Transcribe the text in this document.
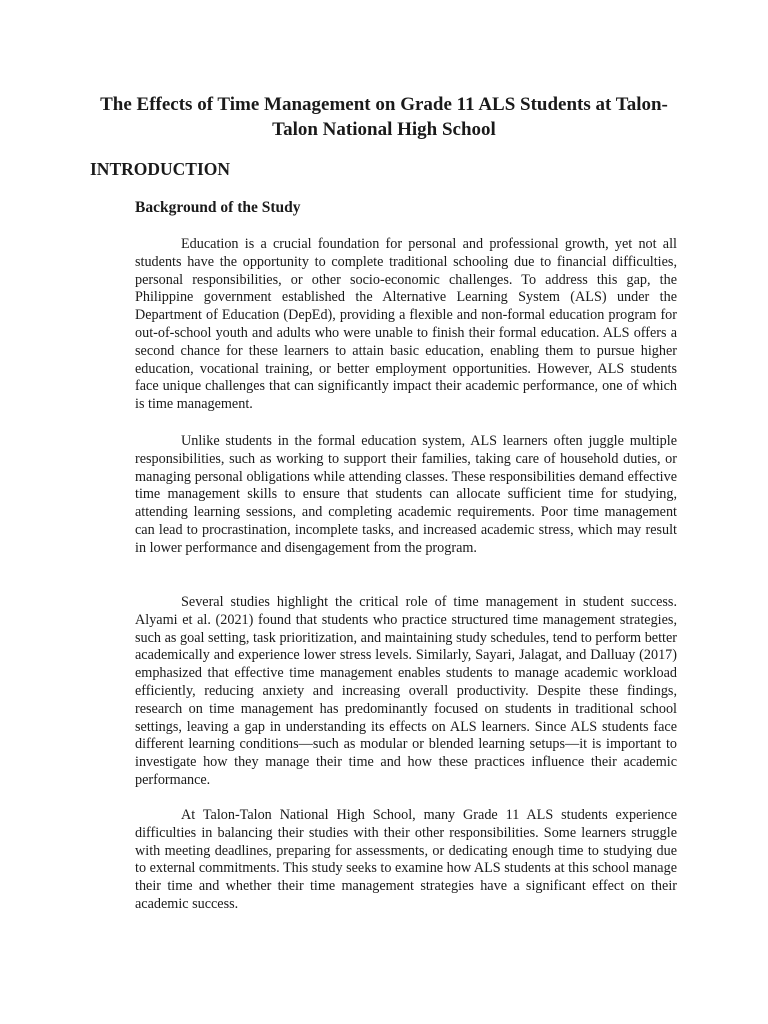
The Effects of Time Management on Grade 11 ALS Students at Talon-Talon National High School
INTRODUCTION
Background of the Study

Education is a crucial foundation for personal and professional growth, yet not all students have the opportunity to complete traditional schooling due to financial difficulties, personal responsibilities, or other socio-economic challenges. To address this gap, the Philippine government established the Alternative Learning System (ALS) under the Department of Education (DepEd), providing a flexible and non-formal education program for out-of-school youth and adults who were unable to finish their formal education. ALS offers a second chance for these learners to attain basic education, enabling them to pursue higher education, vocational training, or better employment opportunities. However, ALS students face unique challenges that can significantly impact their academic performance, one of which is time management.

Unlike students in the formal education system, ALS learners often juggle multiple responsibilities, such as working to support their families, taking care of household duties, or managing personal obligations while attending classes. These responsibilities demand effective time management skills to ensure that students can allocate sufficient time for studying, attending learning sessions, and completing academic requirements. Poor time management can lead to procrastination, incomplete tasks, and increased academic stress, which may result in lower performance and disengagement from the program.

Several studies highlight the critical role of time management in student success. Alyami et al. (2021) found that students who practice structured time management strategies, such as goal setting, task prioritization, and maintaining study schedules, tend to perform better academically and experience lower stress levels. Similarly, Sayari, Jalagat, and Dalluay (2017) emphasized that effective time management enables students to manage academic workload efficiently, reducing anxiety and increasing overall productivity. Despite these findings, research on time management has predominantly focused on students in traditional school settings, leaving a gap in understanding its effects on ALS learners. Since ALS students face different learning conditions—such as modular or blended learning setups—it is important to investigate how they manage their time and how these practices influence their academic performance.

At Talon-Talon National High School, many Grade 11 ALS students experience difficulties in balancing their studies with their other responsibilities. Some learners struggle with meeting deadlines, preparing for assessments, or dedicating enough time to studying due to external commitments. This study seeks to examine how ALS students at this school manage their time and whether their time management strategies have a significant effect on their academic success.
